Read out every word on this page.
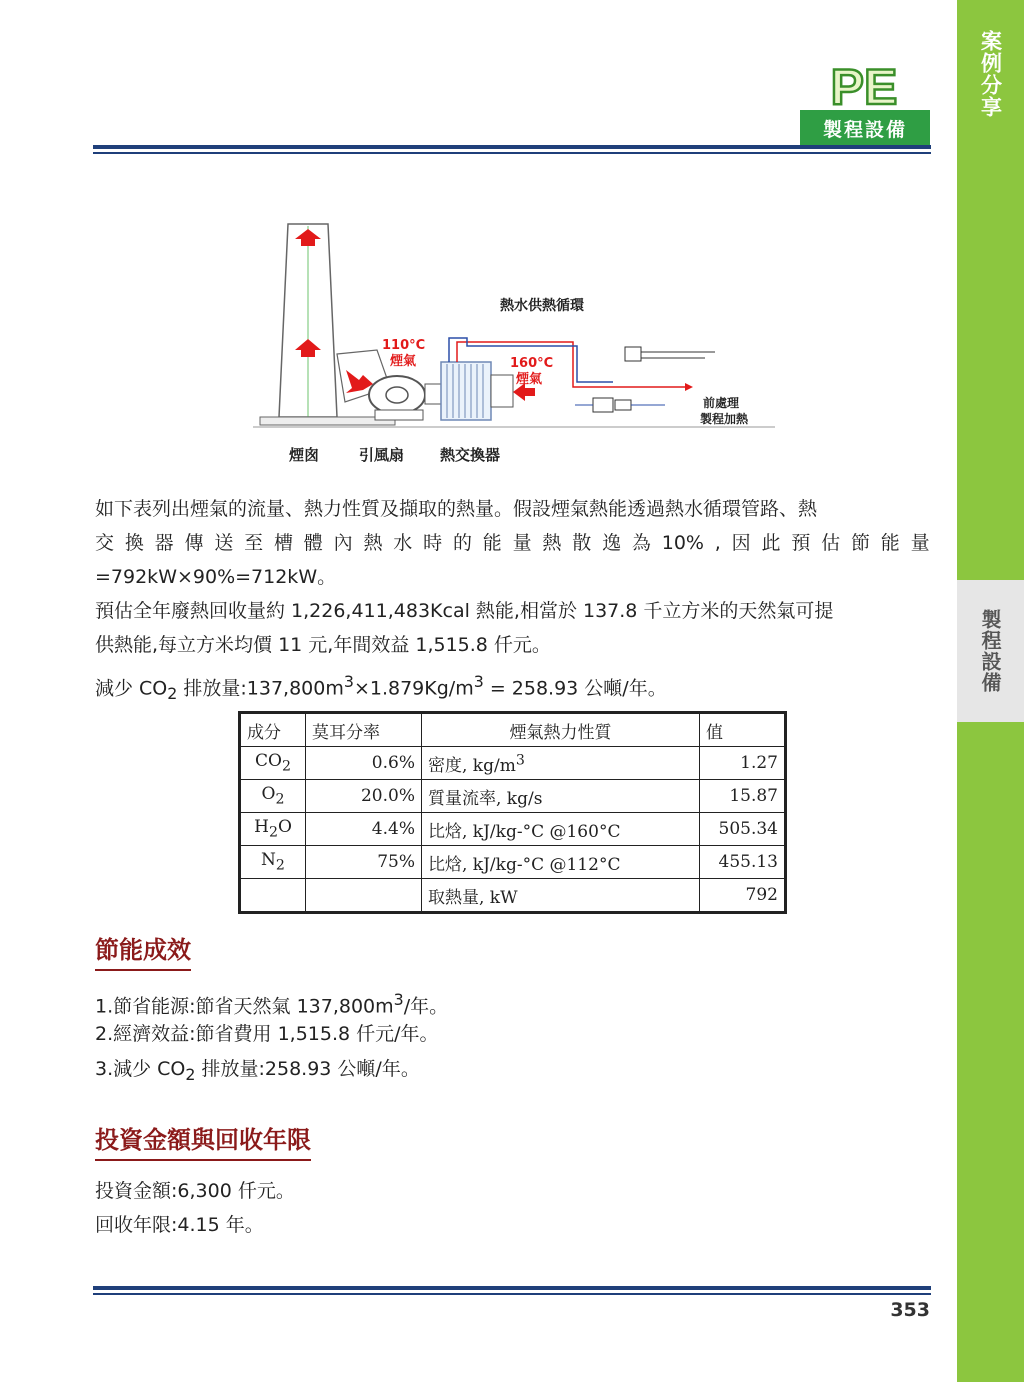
案例分享
製程設備
PE
製程設備
熱水供熱循環
110°C
煙氣	160°C
煙氣
前處理
製程加熱
煙囪	引風扇 熱交換器
如下表列出煙氣的流量、熱力性質及擷取的熱量。假設煙氣熱能透過熱水循環管路、熱
交 換 器 傳 送 至 槽 體 內 熱 水 時 的 能 量 熱 散 逸 為 10% , 因 此 預 估 節 能 量
=792kW×90%=712kW。
預估全年廢熱回收量約 1,226,411,483Kcal 熱能,相當於 137.8 千立方米的天然氣可提
供熱能,每立方米均價 11 元,年間效益 1,515.8 仟元。
減少 $CO_2$ 排放量$:137,800m^3\times 1.879Kg/m^3 = 258.93$ 公噸/年。
成分	莫耳分率	煙氣熱力性質	值
$CO_2$	0.6%	密度, $kg/m^3$	1.27
$O_2$	20.0%	質量流率, kg/s	15.87
$H_2O$	4.4%	比焓, kJ/kg-°C @160°C	505.34
$N_2$	75%	比焓, kJ/kg-°C @112°C	455.13
		取熱量, kW	792
節能成效
1.節省能源:節省天然氣 $137,800m^3/$年。
2.經濟效益:節省費用 1,515.8 仟元/年。
3.減少 $CO_2$ 排放量:258.93 公噸/年。
投資金額與回收年限
投資金額:6,300 仟元。
回收年限:4.15 年。
353
